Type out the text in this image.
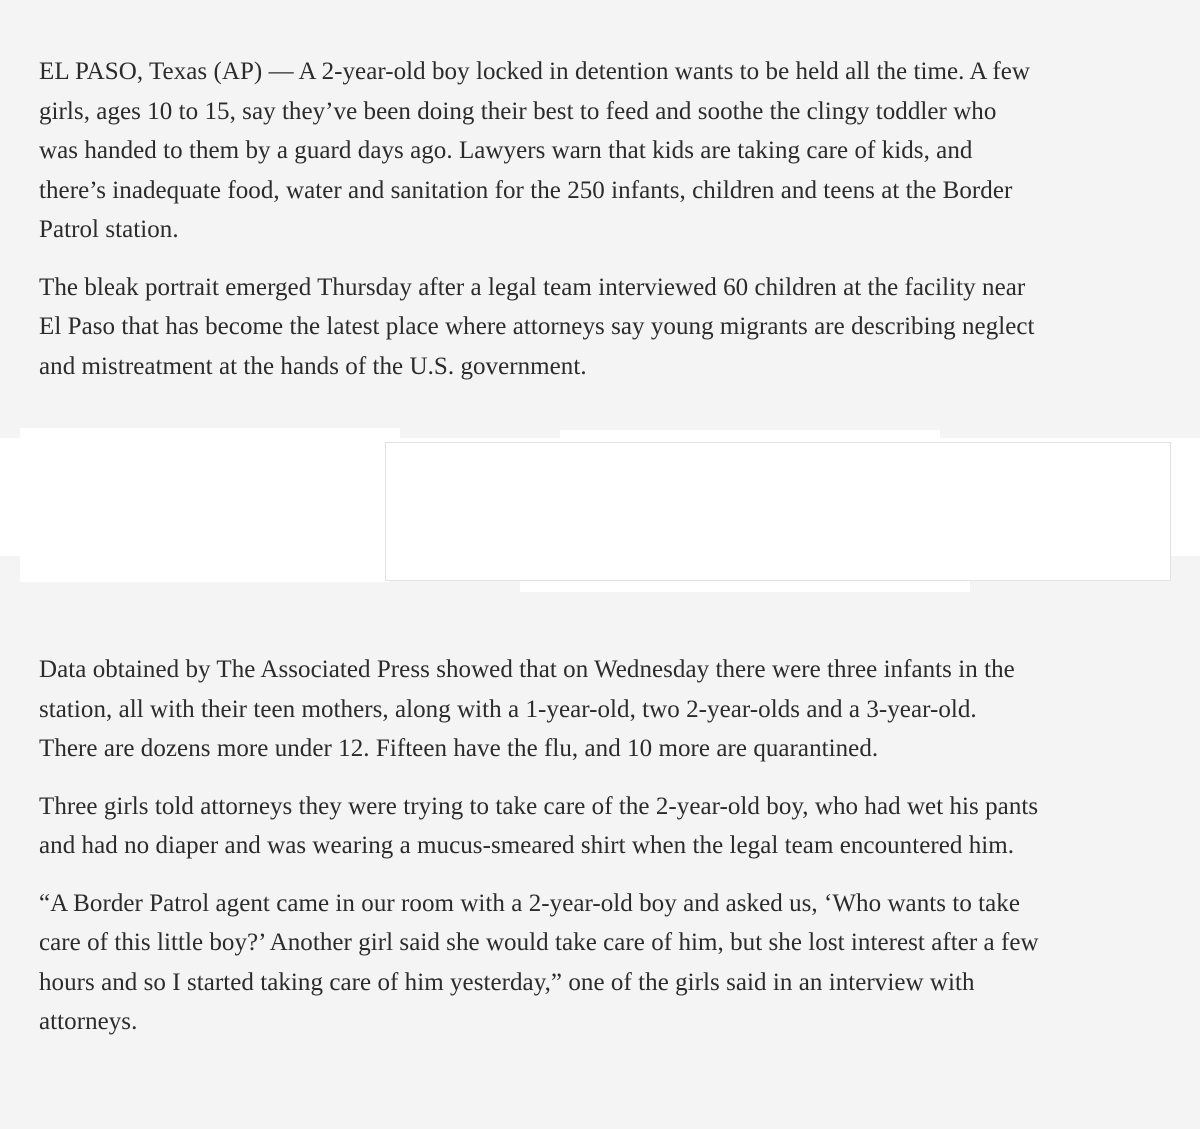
EL PASO, Texas (AP) — A 2-year-old boy locked in detention wants to be held all the time. A few girls, ages 10 to 15, say they’ve been doing their best to feed and soothe the clingy toddler who was handed to them by a guard days ago. Lawyers warn that kids are taking care of kids, and there’s inadequate food, water and sanitation for the 250 infants, children and teens at the Border Patrol station.

The bleak portrait emerged Thursday after a legal team interviewed 60 children at the facility near El Paso that has become the latest place where attorneys say young migrants are describing neglect and mistreatment at the hands of the U.S. government.

Data obtained by The Associated Press showed that on Wednesday there were three infants in the station, all with their teen mothers, along with a 1-year-old, two 2-year-olds and a 3-year-old. There are dozens more under 12. Fifteen have the flu, and 10 more are quarantined.

Three girls told attorneys they were trying to take care of the 2-year-old boy, who had wet his pants and had no diaper and was wearing a mucus-smeared shirt when the legal team encountered him.

“A Border Patrol agent came in our room with a 2-year-old boy and asked us, ‘Who wants to take care of this little boy?’ Another girl said she would take care of him, but she lost interest after a few hours and so I started taking care of him yesterday,” one of the girls said in an interview with attorneys.
